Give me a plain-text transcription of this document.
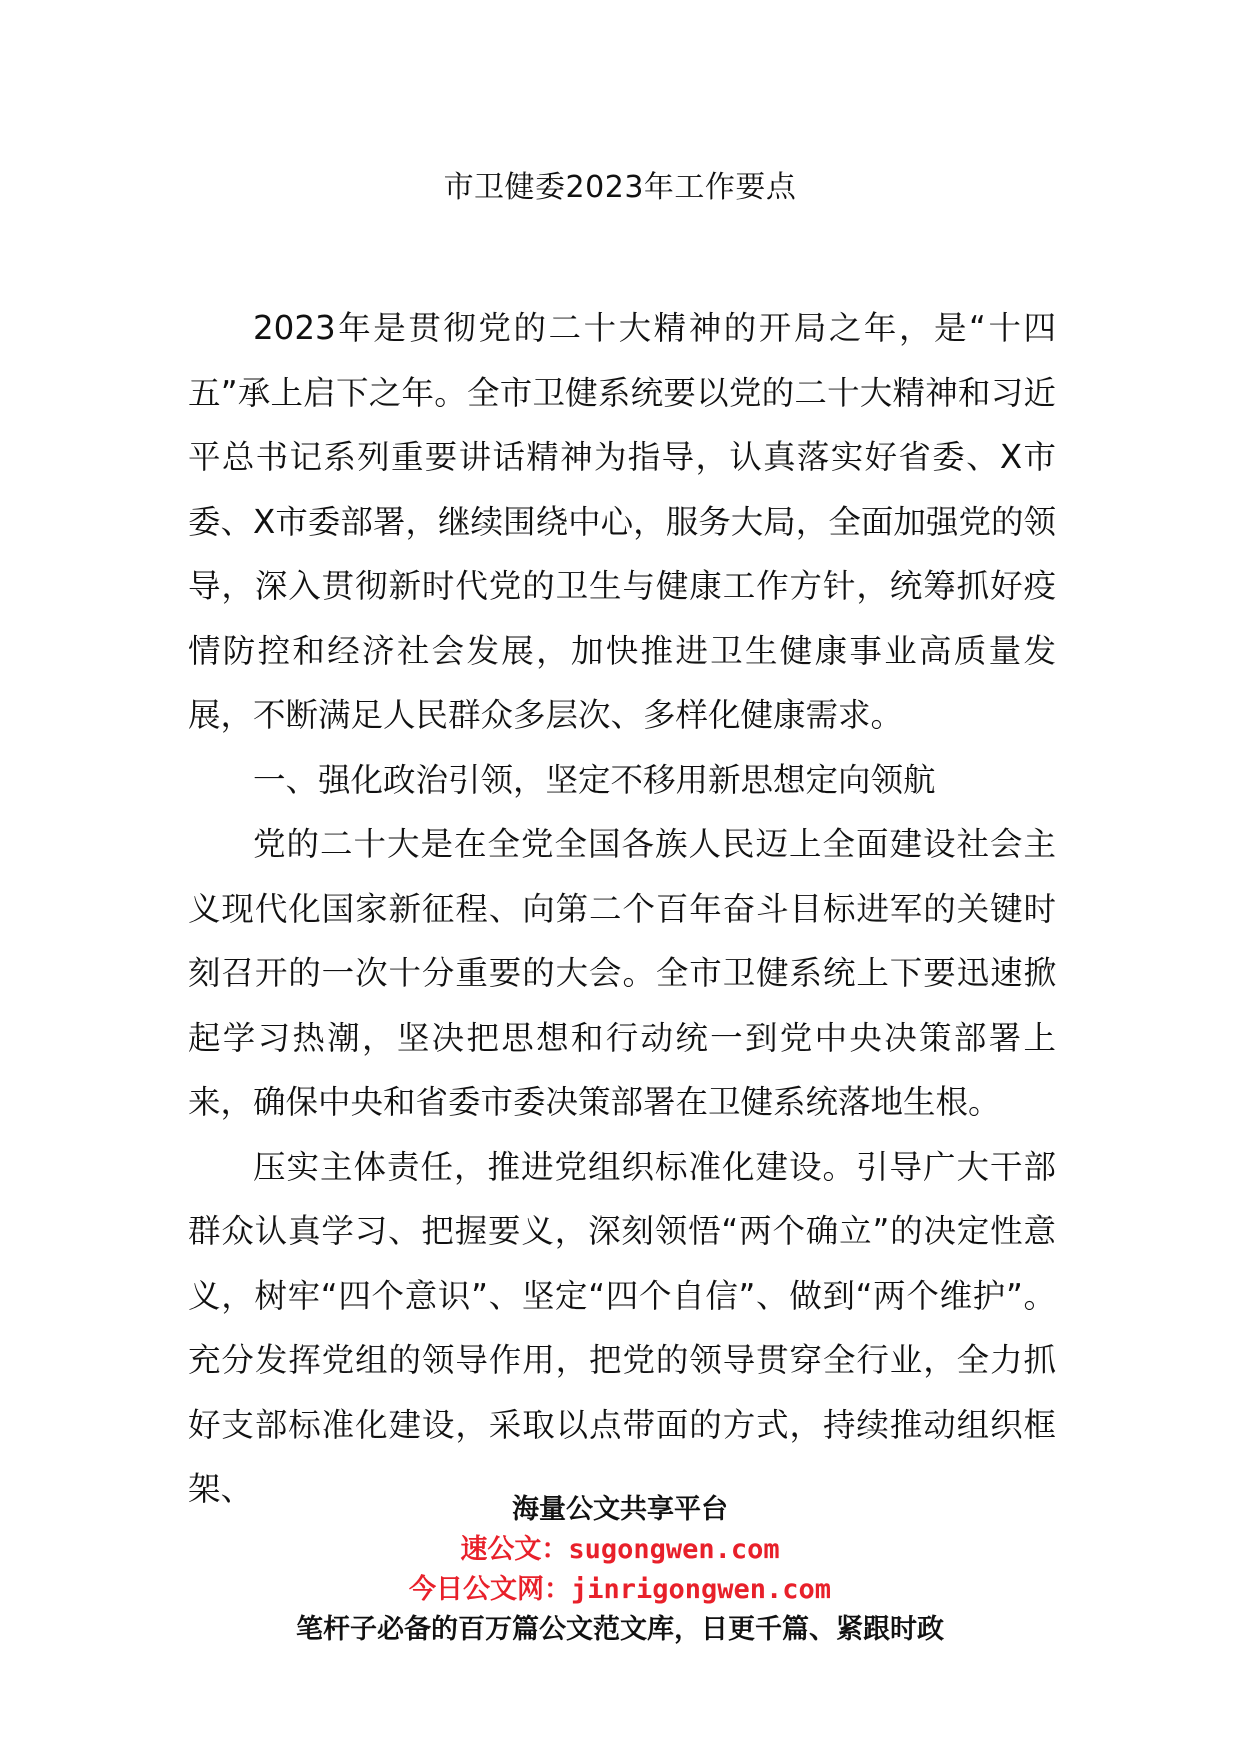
市卫健委2023年工作要点

2023年是贯彻党的二十大精神的开局之年，是“十四五”承上启下之年。全市卫健系统要以党的二十大精神和习近平总书记系列重要讲话精神为指导，认真落实好省委、X市委、X市委部署，继续围绕中心，服务大局，全面加强党的领导，深入贯彻新时代党的卫生与健康工作方针，统筹抓好疫情防控和经济社会发展，加快推进卫生健康事业高质量发展，不断满足人民群众多层次、多样化健康需求。

一、强化政治引领，坚定不移用新思想定向领航

党的二十大是在全党全国各族人民迈上全面建设社会主义现代化国家新征程、向第二个百年奋斗目标进军的关键时刻召开的一次十分重要的大会。全市卫健系统上下要迅速掀起学习热潮，坚决把思想和行动统一到党中央决策部署上来，确保中央和省委市委决策部署在卫健系统落地生根。

压实主体责任，推进党组织标准化建设。引导广大干部群众认真学习、把握要义，深刻领悟“两个确立”的决定性意义，树牢“四个意识”、坚定“四个自信”、做到“两个维护”。充分发挥党组的领导作用，把党的领导贯穿全行业，全力抓好支部标准化建设，采取以点带面的方式，持续推动组织框架、

海量公文共享平台
速公文：sugongwen.com
今日公文网：jinrigongwen.com
笔杆子必备的百万篇公文范文库，日更千篇、紧跟时政
